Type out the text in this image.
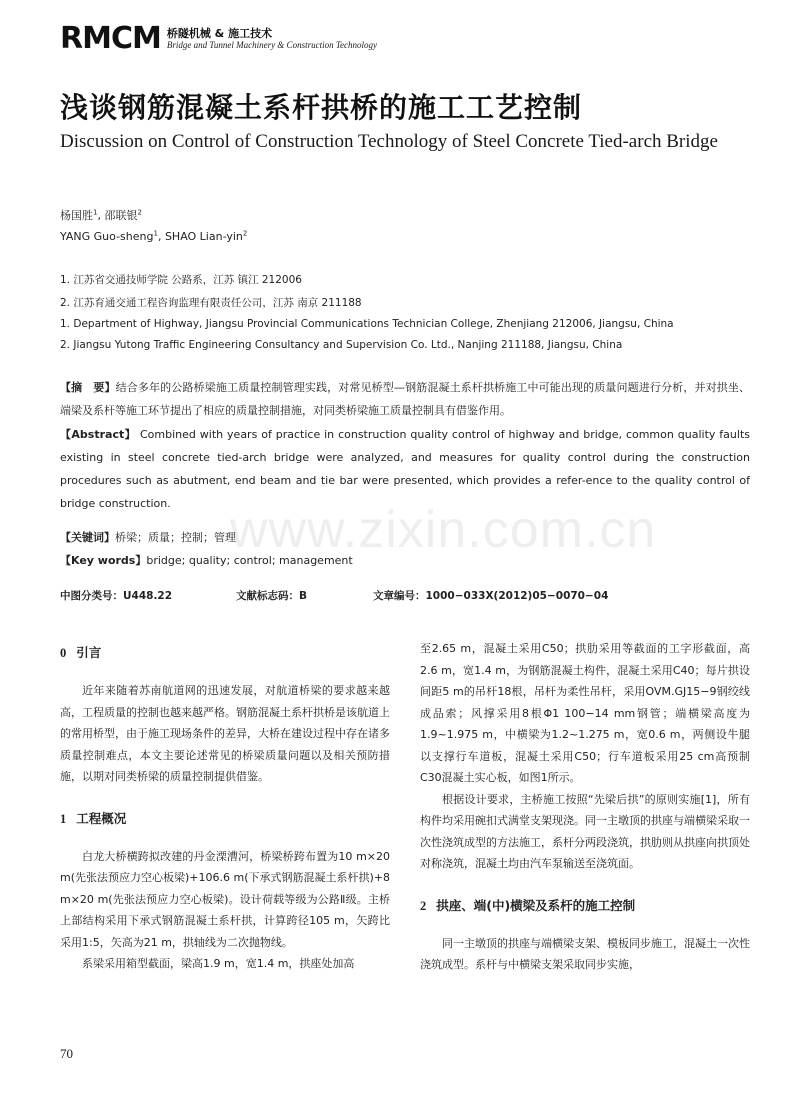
RMCM 桥隧机械 & 施工技术
Bridge and Tunnel Machinery & Construction Technology
浅谈钢筋混凝土系杆拱桥的施工工艺控制
Discussion on Control of Construction Technology of Steel Concrete Tied-arch Bridge
杨国胜$^1$, 邵联银$^2$
YANG Guo-sheng$^1$, SHAO Lian-yin$^2$
1. 江苏省交通技师学院 公路系，江苏 镇江 212006
2. 江苏育通交通工程咨询监理有限责任公司，江苏 南京 211188
1. Department of Highway, Jiangsu Provincial Communications Technician College, Zhenjiang 212006, Jiangsu, China
2. Jiangsu Yutong Traffic Engineering Consultancy and Supervision Co. Ltd., Nanjing 211188, Jiangsu, China

【摘　要】结合多年的公路桥梁施工质量控制管理实践，对常见桥型—钢筋混凝土系杆拱桥施工中可能出现的质量问题进行分析，并对拱坐、端梁及系杆等施工环节提出了相应的质量控制措施，对同类桥梁施工质量控制具有借鉴作用。

【Abstract】 Combined with years of practice in construction quality control of highway and bridge, common quality faults existing in steel concrete tied-arch bridge were analyzed, and measures for quality control during the construction procedures such as abutment, end beam and tie bar were presented, which provides a refer-ence to the quality control of bridge construction.

【关键词】桥梁；质量；控制；管理

【Key words】bridge; quality; control; management

中图分类号：U448.22	文献标志码：B	文章编号：1000−033X(2012)05−0070−04
0 引言

近年来随着苏南航道网的迅速发展，对航道桥梁的要求越来越高，工程质量的控制也越来越严格。钢筋混凝土系杆拱桥是该航道上的常用桥型，由于施工现场条件的差异，大桥在建设过程中存在诸多质量控制难点，本文主要论述常见的桥梁质量问题以及相关预防措施，以期对同类桥梁的质量控制提供借鉴。

1 工程概况

白龙大桥横跨拟改建的丹金溧漕河，桥梁桥跨布置为10 m×20 m(先张法预应力空心板梁)+106.6 m(下承式钢筋混凝土系杆拱)+8 m×20 m(先张法预应力空心板梁)。设计荷载等级为公路Ⅱ级。主桥上部结构采用下承式钢筋混凝土系杆拱，计算跨径105 m，矢跨比采用1:5，矢高为21 m，拱轴线为二次抛物线。

系梁采用箱型截面，梁高1.9 m，宽1.4 m，拱座处加高

至2.65 m，混凝土采用C50；拱肋采用等截面的工字形截面，高2.6 m，宽1.4 m，为钢筋混凝土构件，混凝土采用C40；每片拱设间距5 m的吊杆18根，吊杆为柔性吊杆，采用OVM.GJ15−9钢绞线成品索；风撑采用8根Φ1 100−14 mm钢管；端横梁高度为1.9~1.975 m，中横梁为1.2~1.275 m，宽0.6 m，两侧设牛腿以支撑行车道板，混凝土采用C50；行车道板采用25 cm高预制C30混凝土实心板，如图1所示。

根据设计要求，主桥施工按照“先梁后拱”的原则实施[1]，所有构件均采用碗扣式满堂支架现浇。同一主墩顶的拱座与端横梁采取一次性浇筑成型的方法施工，系杆分两段浇筑，拱肋则从拱座向拱顶处对称浇筑，混凝土均由汽车泵输送至浇筑面。

2 拱座、端(中)横梁及系杆的施工控制

同一主墩顶的拱座与端横梁支架、模板同步施工，混凝土一次性浇筑成型。系杆与中横梁支架采取同步实施，

70
www.zixin.com.cn
